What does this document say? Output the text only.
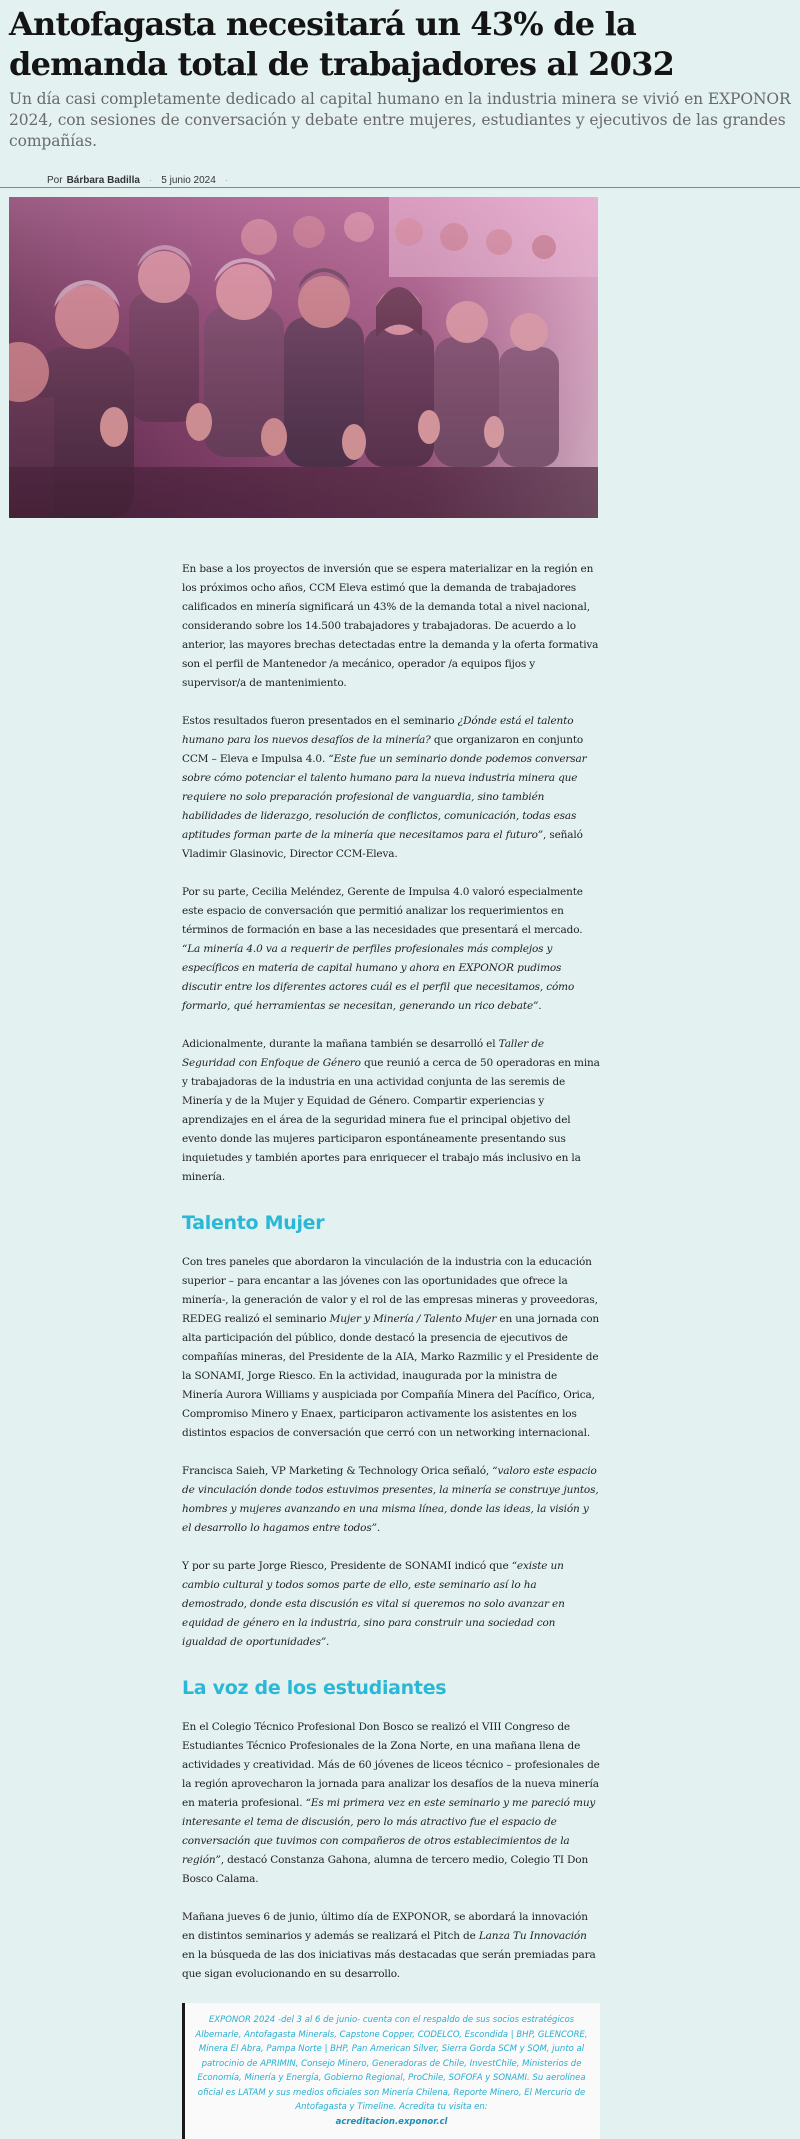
Antofagasta necesitará un 43% de la demanda total de trabajadores al 2032
Un día casi completamente dedicado al capital humano en la industria minera se vivió en EXPONOR 2024, con sesiones de conversación y debate entre mujeres, estudiantes y ejecutivos de las grandes compañías.
Por Bárbara Badilla · 5 junio 2024 ·

En base a los proyectos de inversión que se espera materializar en la región en los próximos ocho años, CCM Eleva estimó que la demanda de trabajadores calificados en minería significará un 43% de la demanda total a nivel nacional, considerando sobre los 14.500 trabajadores y trabajadoras. De acuerdo a lo anterior, las mayores brechas detectadas entre la demanda y la oferta formativa son el perfil de Mantenedor /a mecánico, operador /a equipos fijos y supervisor/a de mantenimiento.

Estos resultados fueron presentados en el seminario ¿Dónde está el talento humano para los nuevos desafíos de la minería? que organizaron en conjunto CCM – Eleva e Impulsa 4.0. “Este fue un seminario donde podemos conversar sobre cómo potenciar el talento humano para la nueva industria minera que requiere no solo preparación profesional de vanguardia, sino también habilidades de liderazgo, resolución de conflictos, comunicación, todas esas aptitudes forman parte de la minería que necesitamos para el futuro”, señaló Vladimir Glasinovic, Director CCM-Eleva.

Por su parte, Cecilia Meléndez, Gerente de Impulsa 4.0 valoró especialmente este espacio de conversación que permitió analizar los requerimientos en términos de formación en base a las necesidades que presentará el mercado. “La minería 4.0 va a requerir de perfiles profesionales más complejos y específicos en materia de capital humano y ahora en EXPONOR pudimos discutir entre los diferentes actores cuál es el perfil que necesitamos, cómo formarlo, qué herramientas se necesitan, generando un rico debate”.

Adicionalmente, durante la mañana también se desarrolló el Taller de Seguridad con Enfoque de Género que reunió a cerca de 50 operadoras en mina y trabajadoras de la industria en una actividad conjunta de las seremis de Minería y de la Mujer y Equidad de Género. Compartir experiencias y aprendizajes en el área de la seguridad minera fue el principal objetivo del evento donde las mujeres participaron espontáneamente presentando sus inquietudes y también aportes para enriquecer el trabajo más inclusivo en la minería.

Talento Mujer

Con tres paneles que abordaron la vinculación de la industria con la educación superior – para encantar a las jóvenes con las oportunidades que ofrece la minería-, la generación de valor y el rol de las empresas mineras y proveedoras, REDEG realizó el seminario Mujer y Minería / Talento Mujer en una jornada con alta participación del público, donde destacó la presencia de ejecutivos de compañías mineras, del Presidente de la AIA, Marko Razmilic y el Presidente de la SONAMI, Jorge Riesco. En la actividad, inaugurada por la ministra de Minería Aurora Williams y auspiciada por Compañía Minera del Pacífico, Orica, Compromiso Minero y Enaex, participaron activamente los asistentes en los distintos espacios de conversación que cerró con un networking internacional.

Francisca Saieh, VP Marketing & Technology Orica señaló, “valoro este espacio de vinculación donde todos estuvimos presentes, la minería se construye juntos, hombres y mujeres avanzando en una misma línea, donde las ideas, la visión y el desarrollo lo hagamos entre todos”.

Y por su parte Jorge Riesco, Presidente de SONAMI indicó que “existe un cambio cultural y todos somos parte de ello, este seminario así lo ha demostrado, donde esta discusión es vital si queremos no solo avanzar en equidad de género en la industria, sino para construir una sociedad con igualdad de oportunidades”.

La voz de los estudiantes

En el Colegio Técnico Profesional Don Bosco se realizó el VIII Congreso de Estudiantes Técnico Profesionales de la Zona Norte, en una mañana llena de actividades y creatividad. Más de 60 jóvenes de liceos técnico – profesionales de la región aprovecharon la jornada para analizar los desafíos de la nueva minería en materia profesional. “Es mi primera vez en este seminario y me pareció muy interesante el tema de discusión, pero lo más atractivo fue el espacio de conversación que tuvimos con compañeros de otros establecimientos de la región”, destacó Constanza Gahona, alumna de tercero medio, Colegio TI Don Bosco Calama.

Mañana jueves 6 de junio, último día de EXPONOR, se abordará la innovación en distintos seminarios y además se realizará el Pitch de Lanza Tu Innovación en la búsqueda de las dos iniciativas más destacadas que serán premiadas para que sigan evolucionando en su desarrollo.

EXPONOR 2024 -del 3 al 6 de junio- cuenta con el respaldo de sus socios estratégicos Albemarle, Antofagasta Minerals, Capstone Copper, CODELCO, Escondida | BHP, GLENCORE, Minera El Abra, Pampa Norte | BHP, Pan American Silver, Sierra Gorda SCM y SQM, junto al patrocinio de APRIMIN, Consejo Minero, Generadoras de Chile, InvestChile, Ministerios de Economía, Minería y Energía, Gobierno Regional, ProChile, SOFOFA y SONAMI. Su aerolínea oficial es LATAM y sus medios oficiales son Minería Chilena, Reporte Minero, El Mercurio de Antofagasta y Timeline. Acredita tu visita en:
acreditacion.exponor.cl
